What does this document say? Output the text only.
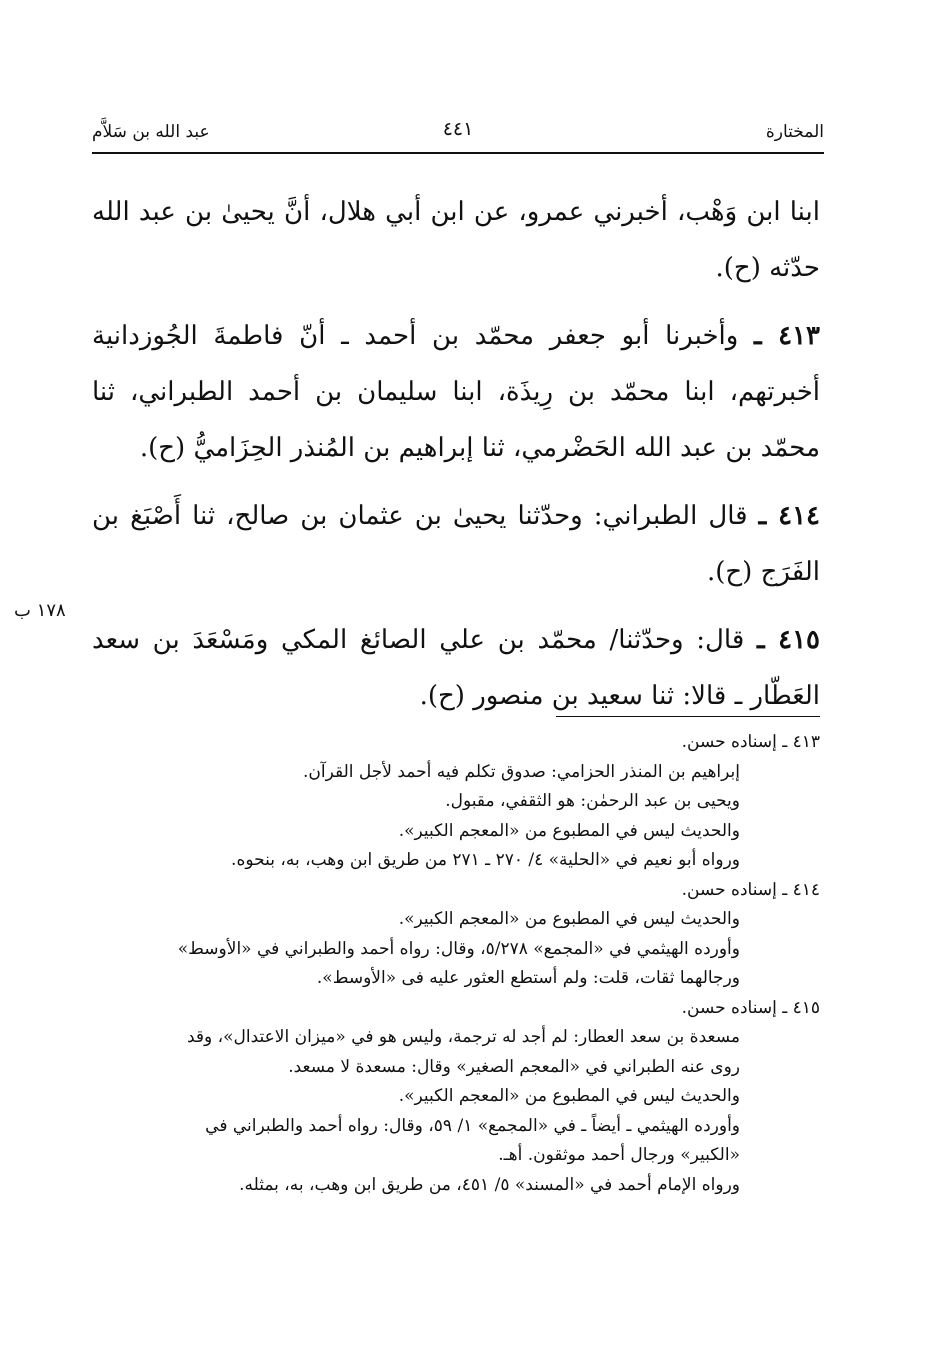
المختارة
٤٤١
عبد الله بن سَلاَّم

ابنا ابن وَهْب، أخبرني عمرو، عن ابن أبي هلال، أنَّ يحيىٰ بن عبد الله حدّثه (ح).

٤١٣ ـ وأخبرنا أبو جعفر محمّد بن أحمد ـ أنّ فاطمةَ الجُوزدانية أخبرتهم، ابنا محمّد بن رِيذَة، ابنا سليمان بن أحمد الطبراني، ثنا محمّد بن عبد الله الحَضْرمي، ثنا إبراهيم بن المُنذر الحِزَاميُّ (ح).

٤١٤ ـ قال الطبراني: وحدّثنا يحيىٰ بن عثمان بن صالح، ثنا أَصْبَغ بن الفَرَج (ح).

٤١٥ ـ قال: وحدّثنا/ محمّد بن علي الصائغ المكي ومَسْعَدَ بن سعد العَطّار ـ قالا: ثنا سعيد بن منصور (ح).

١٧٨ ب

٤١٣ ـ إسناده حسن.

إبراهيم بن المنذر الحزامي: صدوق تكلم فيه أحمد لأجل القرآن.

ويحيى بن عبد الرحمٰن: هو الثقفي، مقبول.

والحديث ليس في المطبوع من «المعجم الكبير».

ورواه أبو نعيم في «الحلية» ٤/ ٢٧٠ ـ ٢٧١ من طريق ابن وهب، به، بنحوه.

٤١٤ ـ إسناده حسن.

والحديث ليس في المطبوع من «المعجم الكبير».

وأورده الهيثمي في «المجمع» ٥/٢٧٨، وقال: رواه أحمد والطبراني في «الأوسط»

ورجالهما ثقات، قلت: ولم أستطع العثور عليه فى «الأوسط».

٤١٥ ـ إسناده حسن.

مسعدة بن سعد العطار: لم أجد له ترجمة، وليس هو في «ميزان الاعتدال»، وقد

روى عنه الطبراني في «المعجم الصغير» وقال: مسعدة لا مسعد.

والحديث ليس في المطبوع من «المعجم الكبير».

وأورده الهيثمي ـ أيضاً ـ في «المجمع» ١/ ٥٩، وقال: رواه أحمد والطبراني في

«الكبير» ورجال أحمد موثقون. أهـ.

ورواه الإمام أحمد في «المسند» ٥/ ٤٥١، من طريق ابن وهب، به، بمثله.
